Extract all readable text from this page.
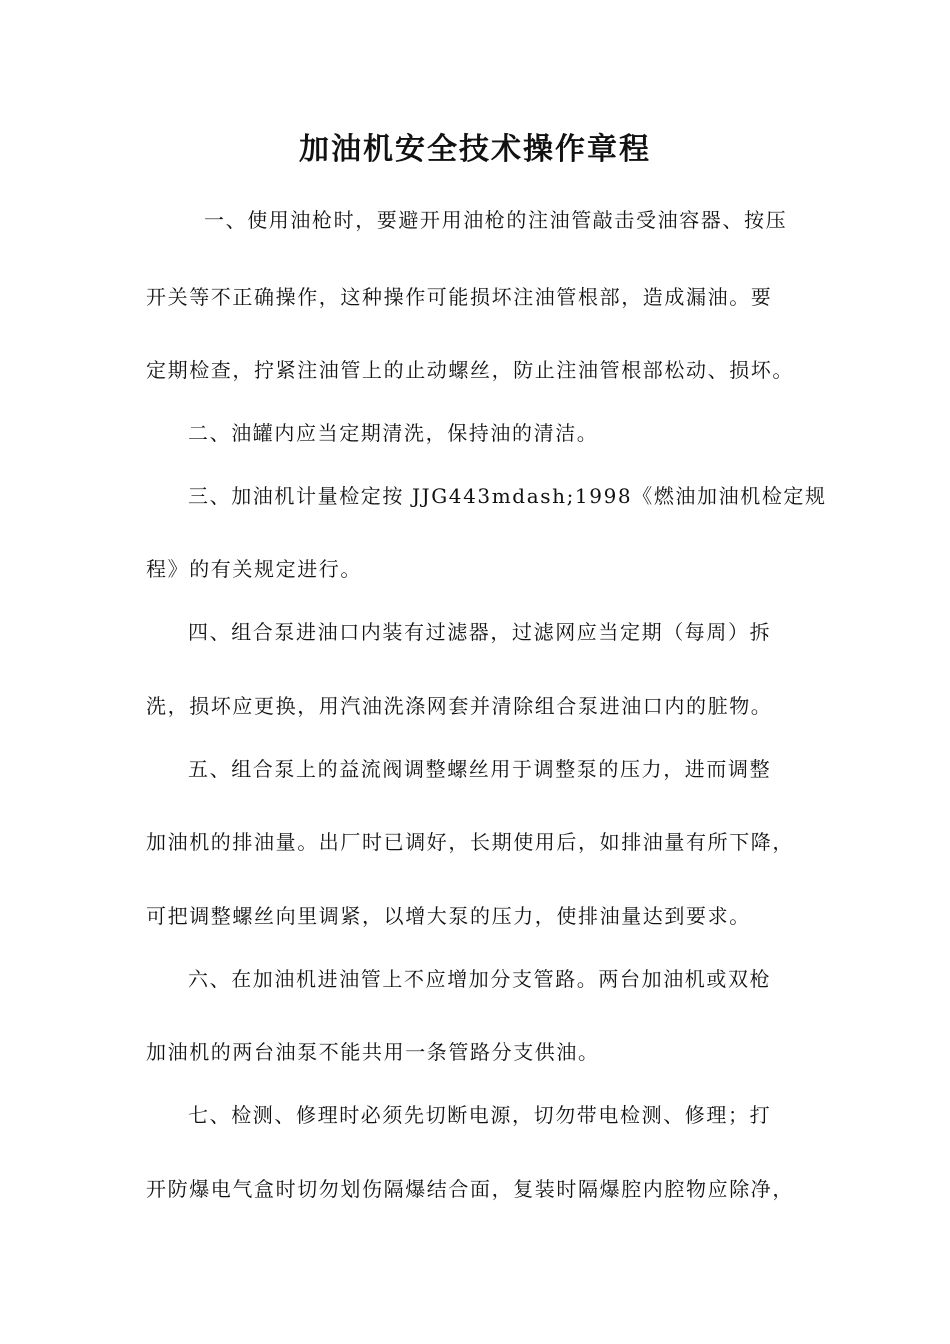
加油机安全技术操作章程

一、使用油枪时，要避开用油枪的注油管敲击受油容器、按压

开关等不正确操作，这种操作可能损坏注油管根部，造成漏油。要

定期检查，拧紧注油管上的止动螺丝，防止注油管根部松动、损坏。

二、油罐内应当定期清洗，保持油的清洁。

三、加油机计量检定按 JJG443mdash;1998《燃油加油机检定规

程》的有关规定进行。

四、组合泵进油口内装有过滤器，过滤网应当定期（每周）拆

洗，损坏应更换，用汽油洗涤网套并清除组合泵进油口内的脏物。

五、组合泵上的益流阀调整螺丝用于调整泵的压力，进而调整

加油机的排油量。出厂时已调好，长期使用后，如排油量有所下降，

可把调整螺丝向里调紧，以增大泵的压力，使排油量达到要求。

六、在加油机进油管上不应增加分支管路。两台加油机或双枪

加油机的两台油泵不能共用一条管路分支供油。

七、检测、修理时必须先切断电源，切勿带电检测、修理；打

开防爆电气盒时切勿划伤隔爆结合面，复装时隔爆腔内腔物应除净，
